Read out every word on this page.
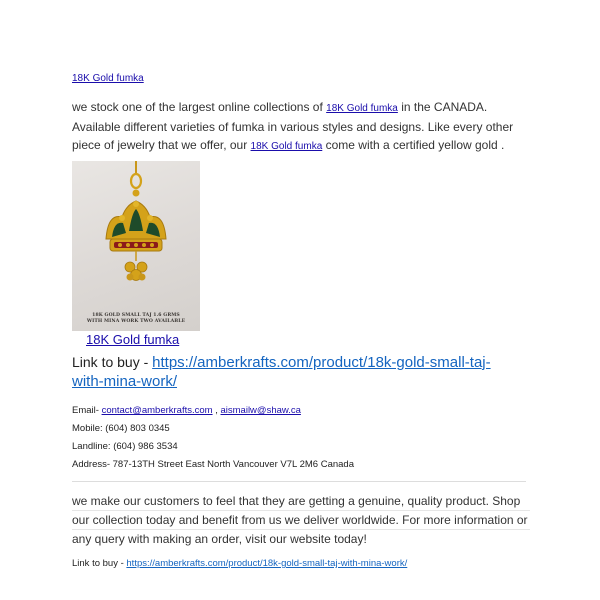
18K Gold fumka
we stock one of the largest online collections of 18K Gold fumka in the CANADA. Available different varieties of fumka in various styles and designs. Like every other piece of jewelry that we offer, our 18K Gold fumka come with a certified yellow gold .
18K GOLD SMALL TAJ 1.6 GRMS
WITH MINA WORK TWO AVAILABLE
18K Gold fumka
Link to buy - https://amberkrafts.com/product/18k-gold-small-taj-with-mina-work/
Email- contact@amberkrafts.com , aismailw@shaw.ca
Mobile: (604) 803 0345
Landline: (604) 986 3534
Address- 787-13TH Street East North Vancouver V7L 2M6 Canada
we make our customers to feel that they are getting a genuine, quality product. Shop
our collection today and benefit from us we deliver worldwide. For more information or
any query with making an order, visit our website today!
Link to buy - https://amberkrafts.com/product/18k-gold-small-taj-with-mina-work/
